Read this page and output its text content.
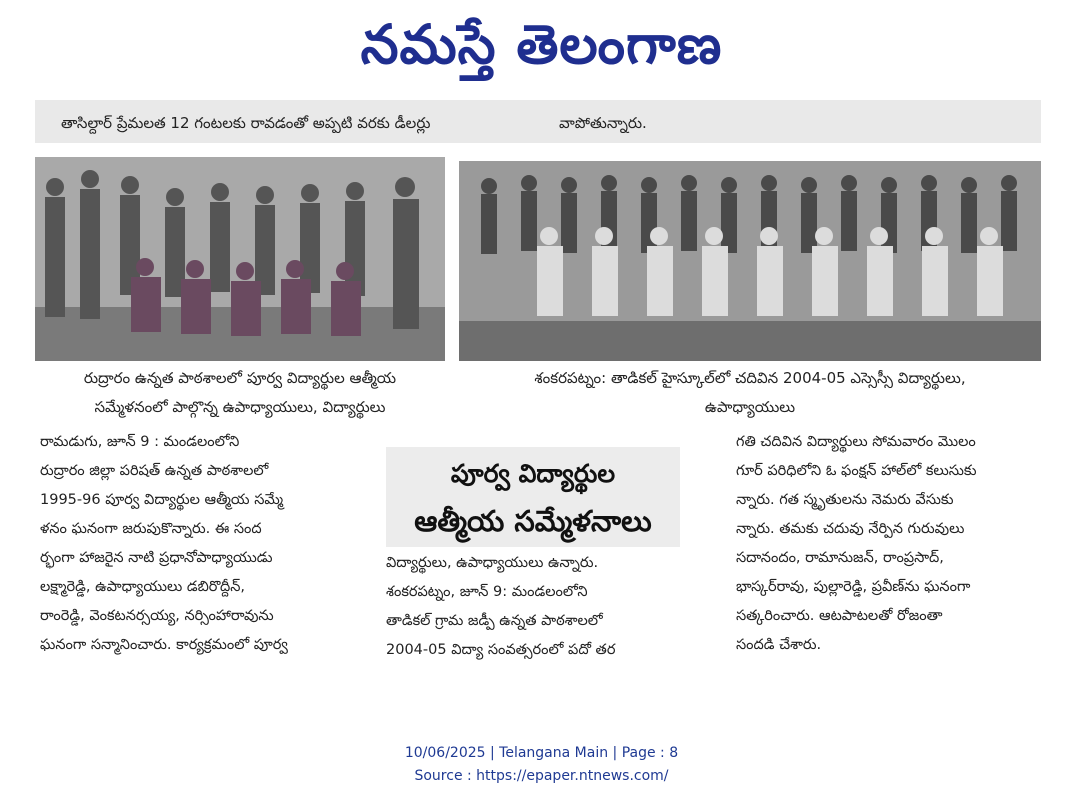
నమస్తే తెలంగాణ
తాసిల్దార్ ప్రేమలత 12 గంటలకు రావడంతో అప్పటి వరకు డీలర్లు	వాపోతున్నారు.
రుద్రారం ఉన్నత పాఠశాలలో పూర్వ విద్యార్థుల ఆత్మీయ
సమ్మేళనంలో పాల్గొన్న ఉపాధ్యాయులు, విద్యార్థులు
శంకరపట్నం: తాడికల్ హైస్కూల్‌లో చదివిన 2004-05 ఎస్సెస్సీ విద్యార్థులు,
ఉపాధ్యాయులు

రామడుగు, జూన్ 9 : మండలంలోని

రుద్రారం జిల్లా పరిషత్ ఉన్నత పాఠశాలలో

1995-96 పూర్వ విద్యార్థుల ఆత్మీయ సమ్మే

ళనం ఘనంగా జరుపుకొన్నారు. ఈ సంద

ర్భంగా హాజరైన నాటి ప్రధానోపాధ్యాయుడు

లక్ష్మారెడ్డి, ఉపాధ్యాయులు డబిరొద్దీన్,

రాంరెడ్డి, వెంకటనర్సయ్య, నర్సింహారావును

ఘనంగా సన్మానించారు. కార్యక్రమంలో పూర్వ

పూర్వ విద్యార్థుల
ఆత్మీయ సమ్మేళనాలు

విద్యార్థులు, ఉపాధ్యాయులు ఉన్నారు.

శంకరపట్నం, జూన్ 9: మండలంలోని

తాడికల్ గ్రామ జడ్పీ ఉన్నత పాఠశాలలో

2004-05 విద్యా సంవత్సరంలో పదో తర

గతి చదివిన విద్యార్థులు సోమవారం మొలం

గూర్ పరిధిలోని ఓ ఫంక్షన్ హాల్‌లో కలుసుకు

న్నారు. గత స్మృతులను నెమరు వేసుకు

న్నారు. తమకు చదువు నేర్పిన గురువులు

సదానందం, రామానుజన్, రాంప్రసాద్,

భాస్కర్‌రావు, పుల్లారెడ్డి, ప్రవీణ్‌ను ఘనంగా

సత్కరించారు. ఆటపాటలతో రోజంతా

సందడి చేశారు.

10/06/2025 | Telangana Main | Page : 8
Source : https://epaper.ntnews.com/
